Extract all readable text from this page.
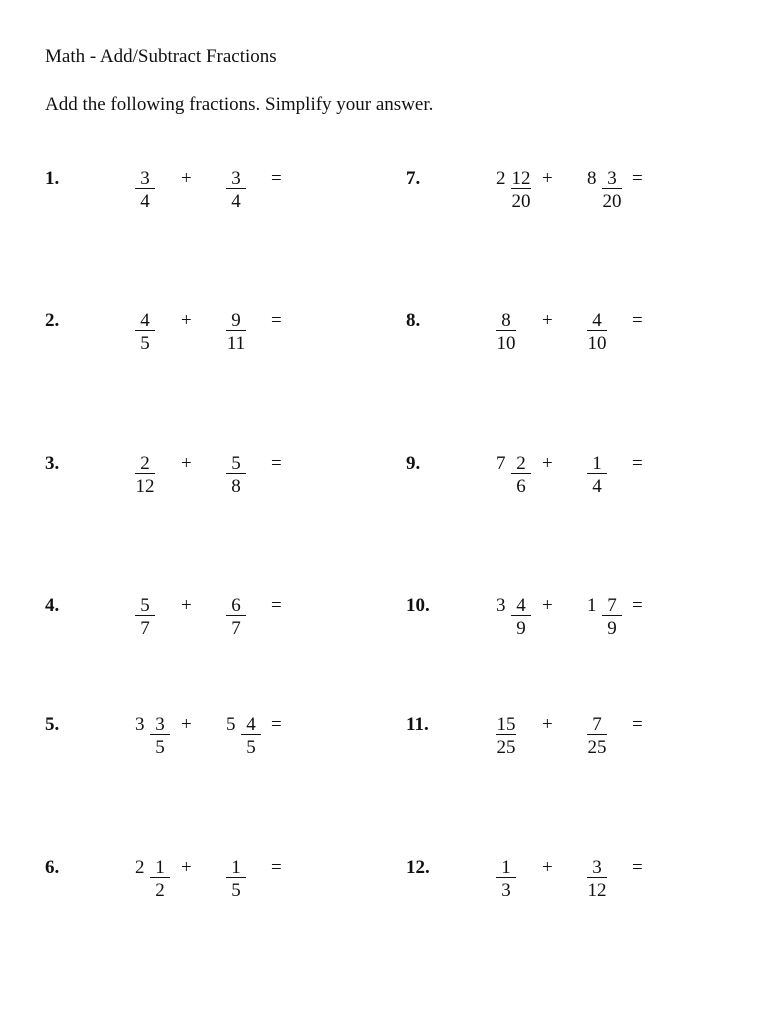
Math - Add/Subtract Fractions
Add the following fractions. Simplify your answer.
1.	3
4
3
4
+	=
2.	4
5
9
11
+	=
3.	2
12
5
8
+	=
4.	5
7
6
7
+	=
5.	3 3
5
5 4
5
+	=
6.	2 1
2
1
5
+	=
7.	2 12
20
8 3
20
+	=
8.	8
10
4
10
+	=
9.	7 2
6
1
4
+	=
10.	3 4
9
1 7
9
+	=
11.	15
25
7
25
+	=
12.	1
3
3
12
+	=
